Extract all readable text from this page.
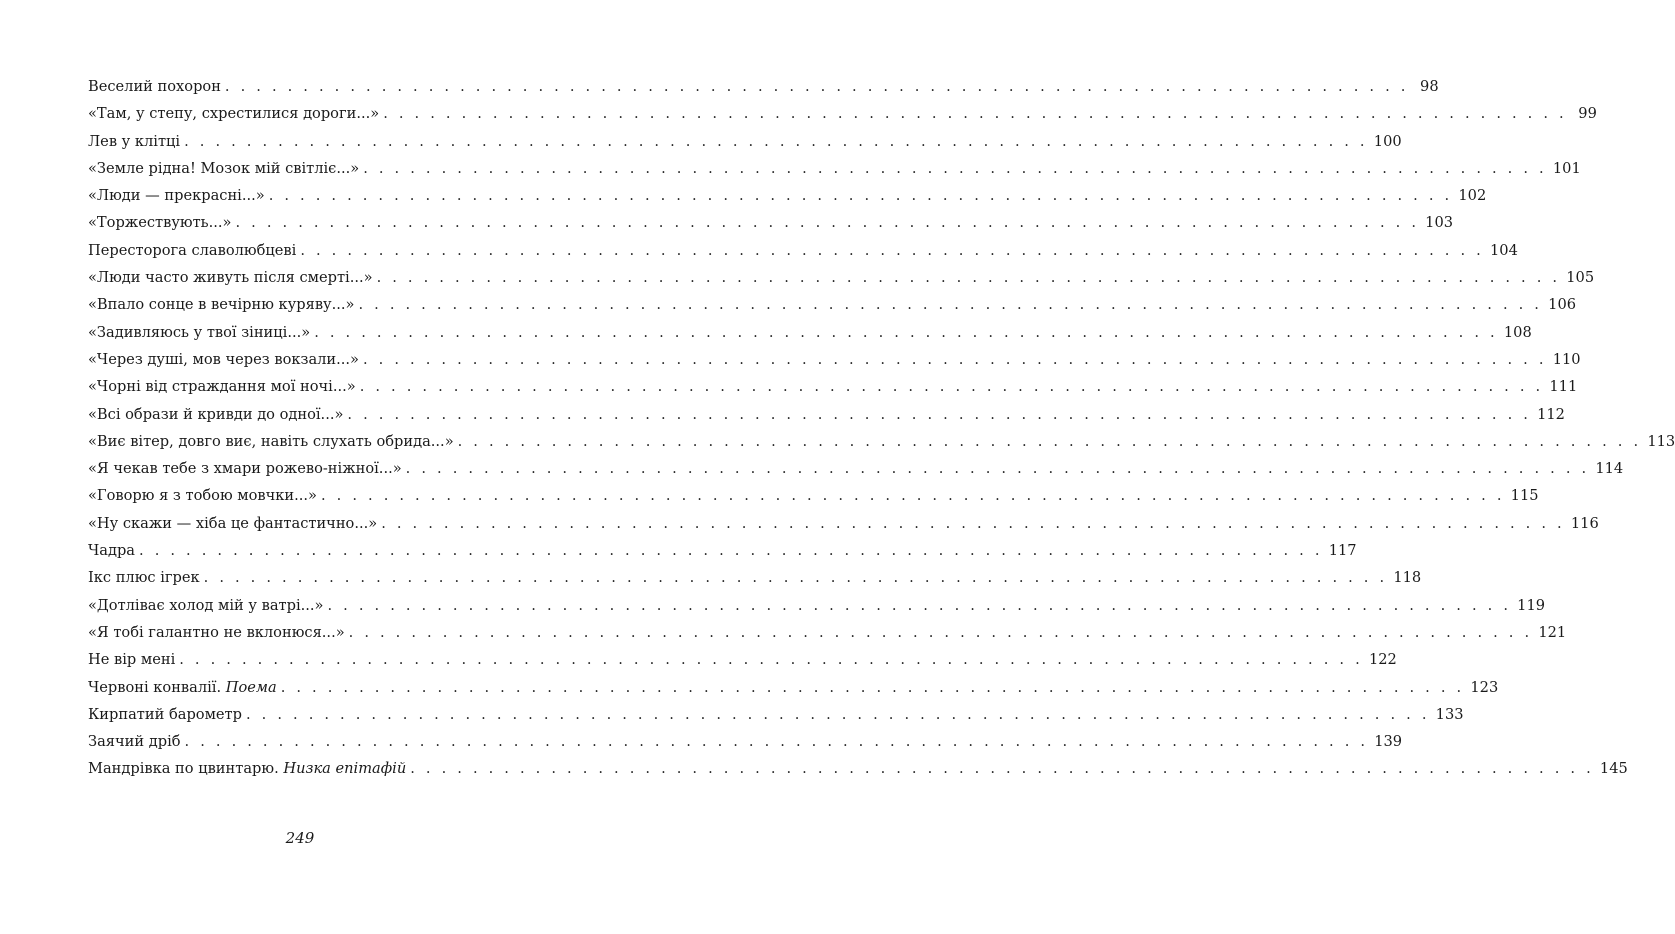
Веселий похорон . . .	98
«Там, у степу, схрестилися дороги...» . . .	99
Лев у клітці . . .	100
«Земле рідна! Мозок мій світліє...» . . .	101
«Люди — прекрасні...» . . .	102
«Торжествують...» . . .	103
Пересторога славолюбцеві . . .	104
«Люди часто живуть після смерті...» . . .	105
«Впало сонце в вечірню куряву...» . . .	106
«Задивляюсь у твої зіниці...» . . .	108
«Через душі, мов через вокзали...» . . .	110
«Чорні від страждання мої ночі...» . . .	111
«Всі образи й кривди до одної...» . . .	112
«Виє вітер, довго виє, навіть слухать обрида...» . . .	113
«Я чекав тебе з хмари рожево-ніжної...» . . .	114
«Говорю я з тобою мовчки...» . . .	115
«Ну скажи — хіба це фантастично...» . . .	116
Чадра . . .	117
Ікс плюс ігрек . . .	118
«Дотліває холод мій у ватрі...» . . .	119
«Я тобі галантно не вклонюся...» . . .	121
Не вір мені . . .	122
Червоні конвалії. Поема . . .	123
Кирпатий барометр . . .	133
Заячий дріб . . .	139
Мандрівка по цвинтарю. Низка епітафій . . .	145
249
